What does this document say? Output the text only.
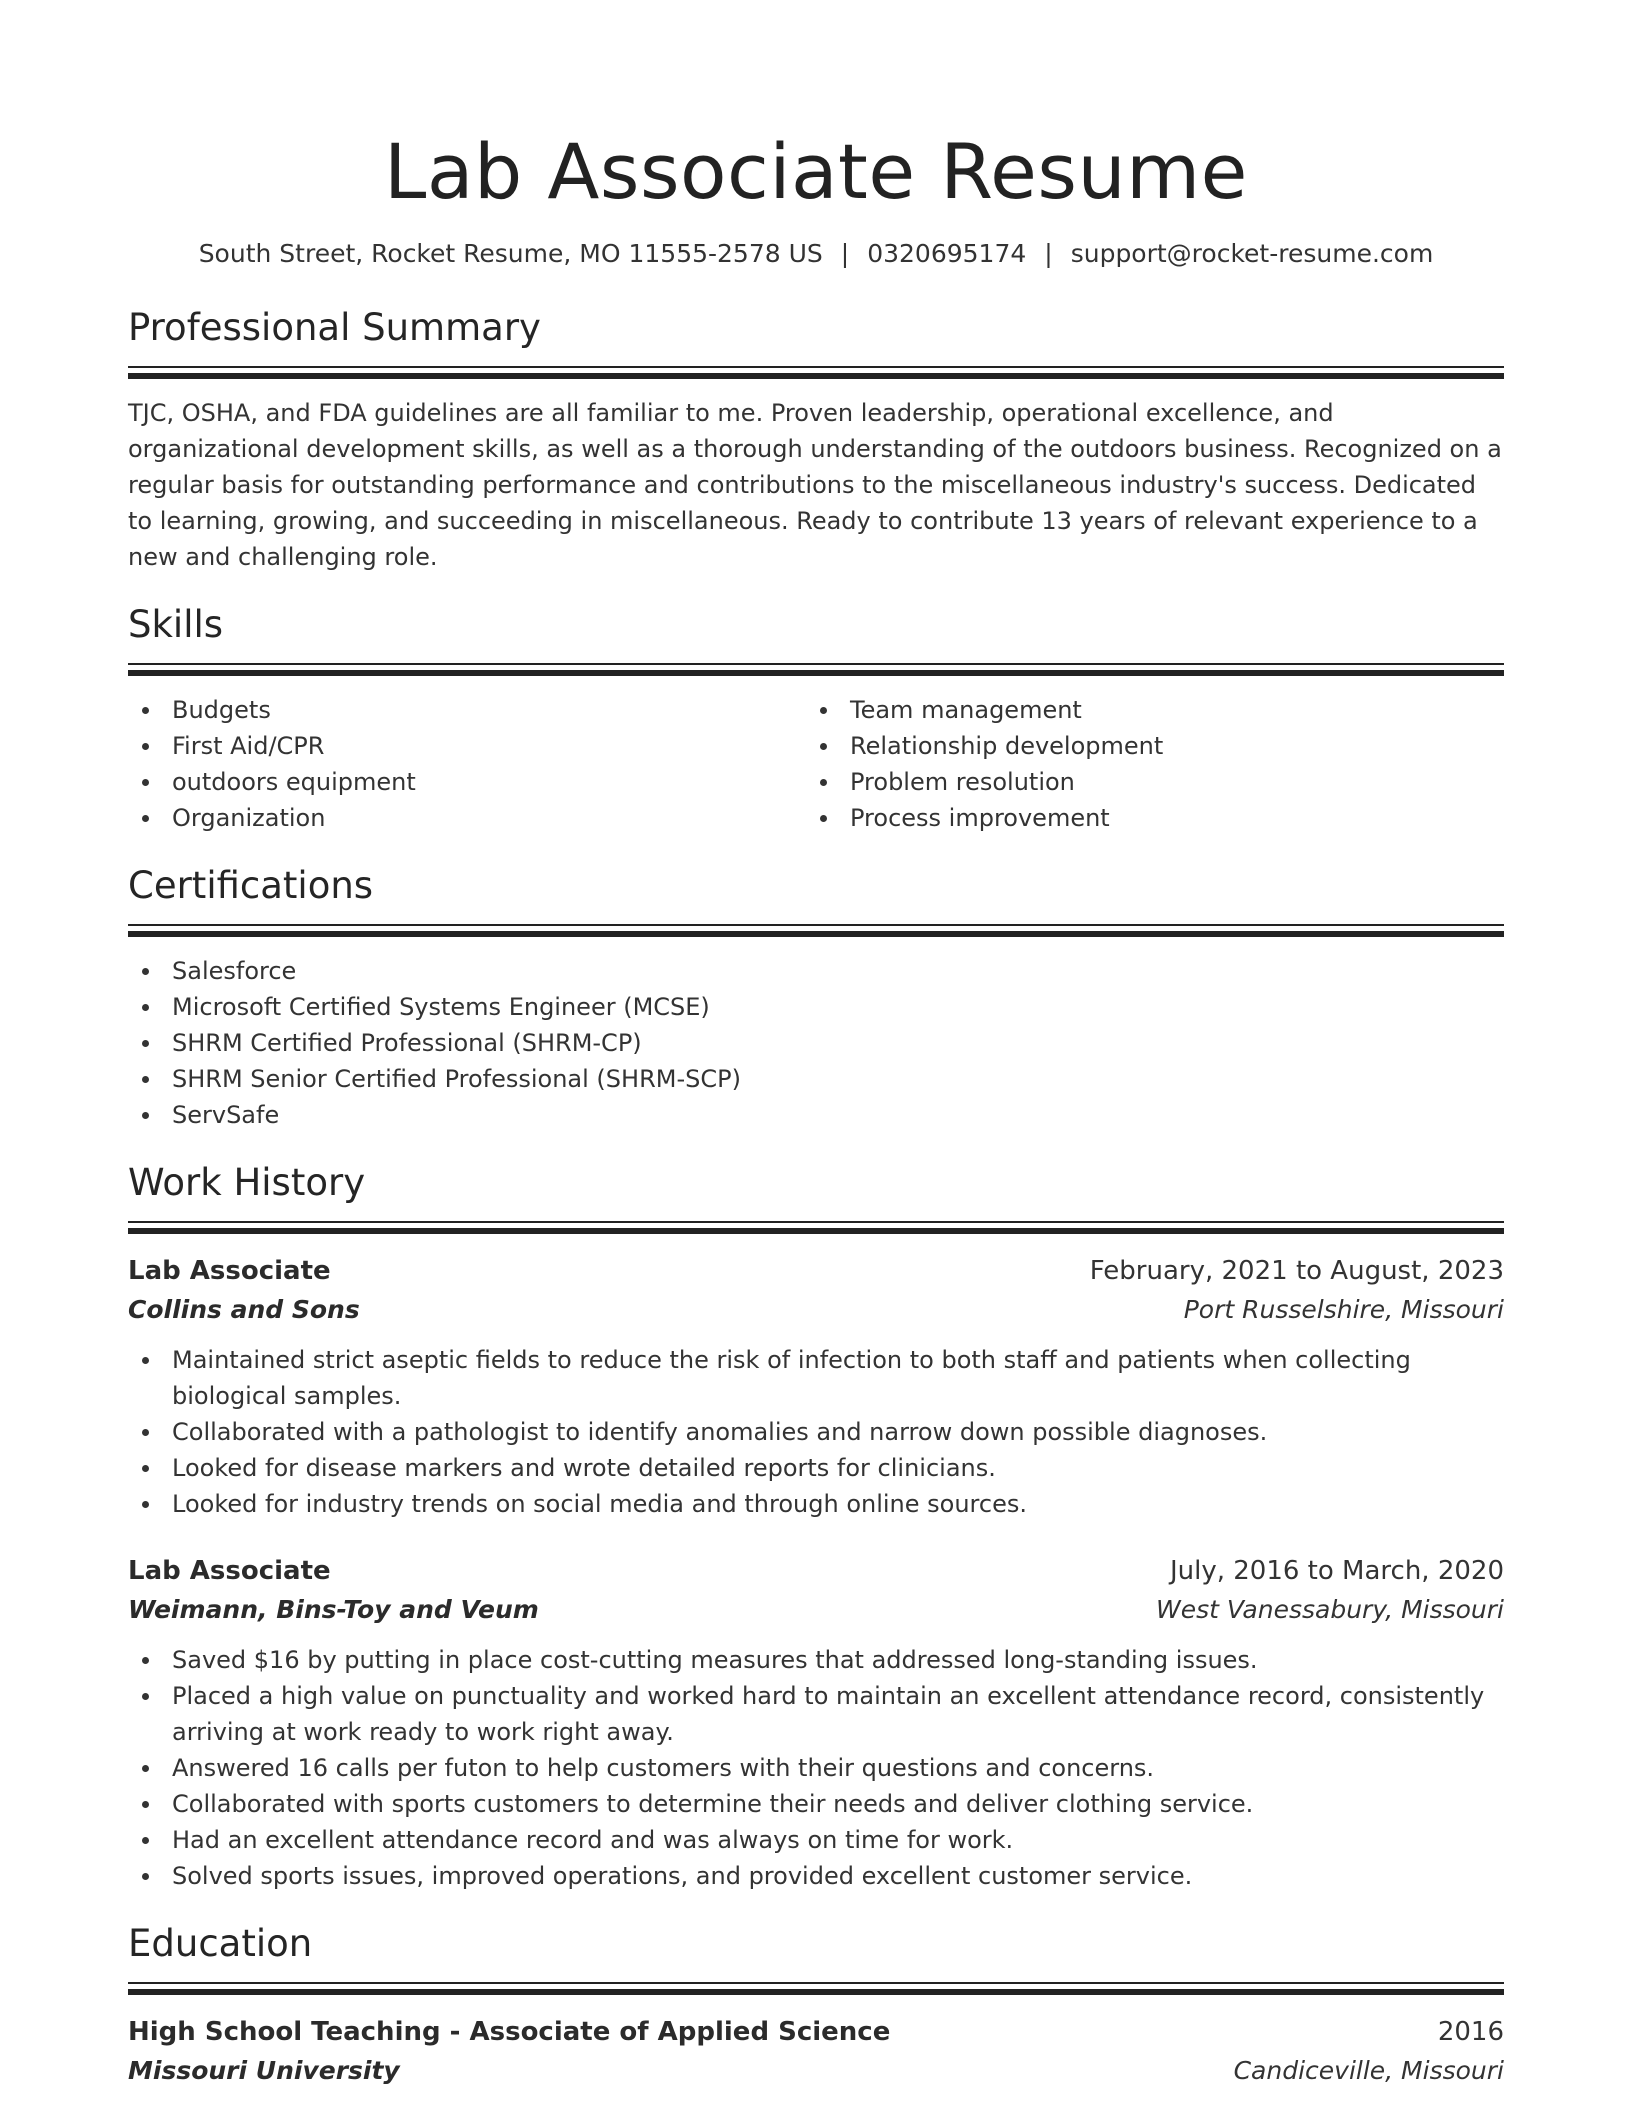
Lab Associate Resume
South Street, Rocket Resume, MO 11555-2578 US | 0320695174 | support@rocket-resume.com
Professional Summary
TJC, OSHA, and FDA guidelines are all familiar to me. Proven leadership, operational excellence, and organizational development skills, as well as a thorough understanding of the outdoors business. Recognized on a regular basis for outstanding performance and contributions to the miscellaneous industry's success. Dedicated to learning, growing, and succeeding in miscellaneous. Ready to contribute 13 years of relevant experience to a new and challenging role.
Skills
Budgets
First Aid/CPR
outdoors equipment
Organization
Team management
Relationship development
Problem resolution
Process improvement
Certifications
Salesforce
Microsoft Certified Systems Engineer (MCSE)
SHRM Certified Professional (SHRM-CP)
SHRM Senior Certified Professional (SHRM-SCP)
ServSafe
Work History
Lab Associate	February, 2021 to August, 2023
Collins and Sons	Port Russelshire, Missouri
Maintained strict aseptic fields to reduce the risk of infection to both staff and patients when collecting biological samples.
Collaborated with a pathologist to identify anomalies and narrow down possible diagnoses.
Looked for disease markers and wrote detailed reports for clinicians.
Looked for industry trends on social media and through online sources.
Lab Associate	July, 2016 to March, 2020
Weimann, Bins-Toy and Veum	West Vanessabury, Missouri
Saved $16 by putting in place cost-cutting measures that addressed long-standing issues.
Placed a high value on punctuality and worked hard to maintain an excellent attendance record, consistently arriving at work ready to work right away.
Answered 16 calls per futon to help customers with their questions and concerns.
Collaborated with sports customers to determine their needs and deliver clothing service.
Had an excellent attendance record and was always on time for work.
Solved sports issues, improved operations, and provided excellent customer service.
Education
High School Teaching - Associate of Applied Science	2016
Missouri University	Candiceville, Missouri
